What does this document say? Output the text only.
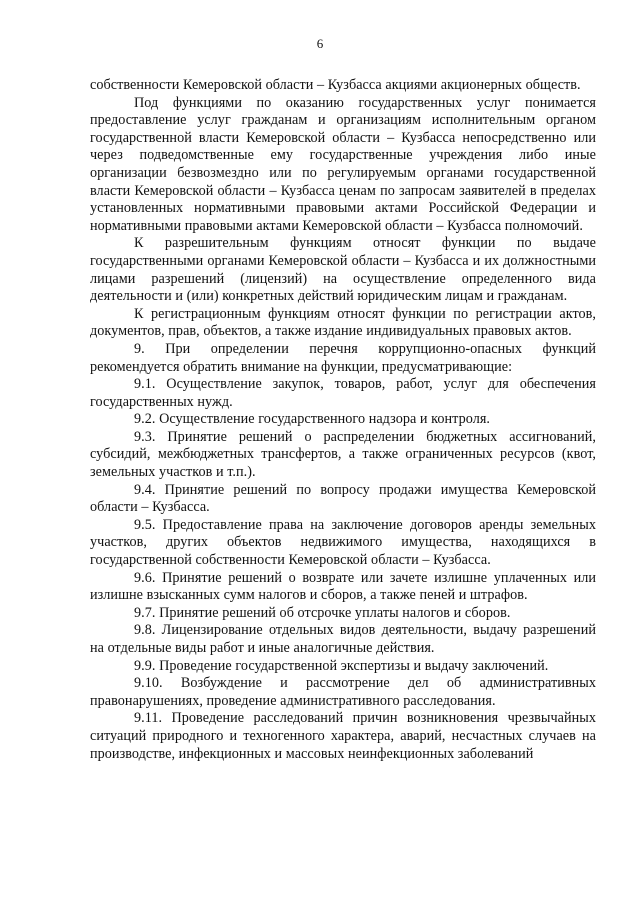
6

собственности Кемеровской области – Кузбасса акциями акционерных обществ.

Под функциями по оказанию государственных услуг понимается предоставление услуг гражданам и организациям исполнительным органом государственной власти Кемеровской области – Кузбасса непосредственно или через подведомственные ему государственные учреждения либо иные организации безвозмездно или по регулируемым органами государственной власти Кемеровской области – Кузбасса ценам по запросам заявителей в пределах установленных нормативными правовыми актами Российской Федерации и нормативными правовыми актами Кемеровской области – Кузбасса полномочий.

К разрешительным функциям относят функции по выдаче государственными органами Кемеровской области – Кузбасса и их должностными лицами разрешений (лицензий) на осуществление определенного вида деятельности и (или) конкретных действий юридическим лицам и гражданам.

К регистрационным функциям относят функции по регистрации актов, документов, прав, объектов, а также издание индивидуальных правовых актов.

9. При определении перечня коррупционно-опасных функций рекомендуется обратить внимание на функции, предусматривающие:

9.1. Осуществление закупок, товаров, работ, услуг для обеспечения государственных нужд.

9.2. Осуществление государственного надзора и контроля.

9.3. Принятие решений о распределении бюджетных ассигнований, субсидий, межбюджетных трансфертов, а также ограниченных ресурсов (квот, земельных участков и т.п.).

9.4. Принятие решений по вопросу продажи имущества Кемеровской области – Кузбасса.

9.5. Предоставление права на заключение договоров аренды земельных участков, других объектов недвижимого имущества, находящихся в государственной собственности Кемеровской области – Кузбасса.

9.6. Принятие решений о возврате или зачете излишне уплаченных или излишне взысканных сумм налогов и сборов, а также пеней и штрафов.

9.7. Принятие решений об отсрочке уплаты налогов и сборов.

9.8. Лицензирование отдельных видов деятельности, выдачу разрешений на отдельные виды работ и иные аналогичные действия.

9.9. Проведение государственной экспертизы и выдачу заключений.

9.10. Возбуждение и рассмотрение дел об административных правонарушениях, проведение административного расследования.

9.11. Проведение расследований причин возникновения чрезвычайных ситуаций природного и техногенного характера, аварий, несчастных случаев на производстве, инфекционных и массовых неинфекционных заболеваний
